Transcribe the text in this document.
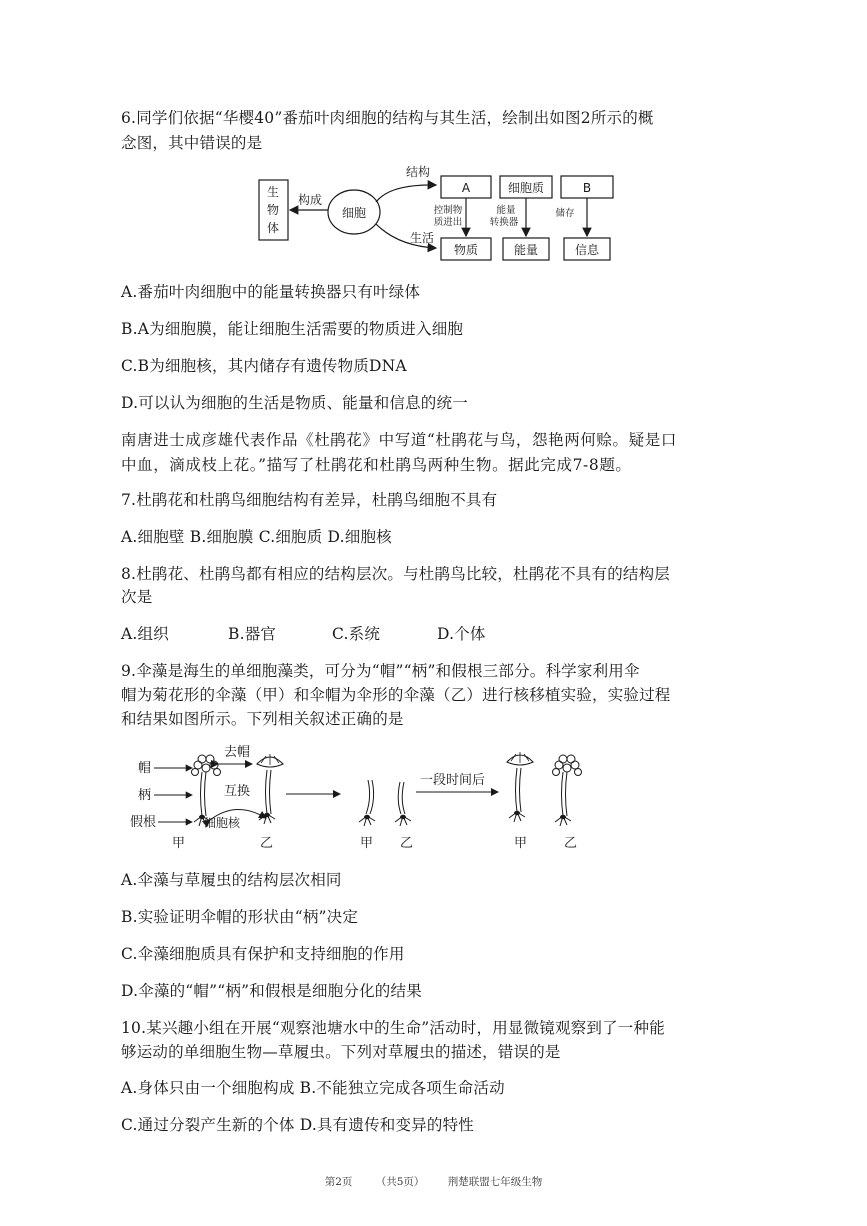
6.同学们依据“华樱40”番茄叶肉细胞的结构与其生活，绘制出如图2所示的概
念图，其中错误的是
生
物
体
构成
细胞
结构
生活
A	细胞质	B
控制物
质进出
能量
转换器
储存
物质	能量	信息
A.番茄叶肉细胞中的能量转换器只有叶绿体
B.A为细胞膜，能让细胞生活需要的物质进入细胞
C.B为细胞核，其内储存有遗传物质DNA
D.可以认为细胞的生活是物质、能量和信息的统一
南唐进士成彦雄代表作品《杜鹃花》中写道“杜鹃花与鸟，怨艳两何赊。疑是口
中血，滴成枝上花。”描写了杜鹃花和杜鹃鸟两种生物。据此完成7-8题。
7.杜鹃花和杜鹃鸟细胞结构有差异，杜鹃鸟细胞不具有
A.细胞壁 B.细胞膜 C.细胞质 D.细胞核
8.杜鹃花、杜鹃鸟都有相应的结构层次。与杜鹃鸟比较，杜鹃花不具有的结构层
次是
A.组织	B.器官	C.系统	D.个体
9.伞藻是海生的单细胞藻类，可分为“帽”“柄”和假根三部分。科学家利用伞
帽为菊花形的伞藻（甲）和伞帽为伞形的伞藻（乙）进行核移植实验，实验过程
和结果如图所示。下列相关叙述正确的是
帽
柄
假根
去帽
互换
细胞核
甲	乙	甲 乙
一段时间后
甲	乙
A.伞藻与草履虫的结构层次相同
B.实验证明伞帽的形状由“柄”决定
C.伞藻细胞质具有保护和支持细胞的作用
D.伞藻的“帽”“柄”和假根是细胞分化的结果
10.某兴趣小组在开展“观察池塘水中的生命”活动时，用显微镜观察到了一种能
够运动的单细胞生物—草履虫。下列对草履虫的描述，错误的是
A.身体只由一个细胞构成 B.不能独立完成各项生命活动
C.通过分裂产生新的个体 D.具有遗传和变异的特性
第2页 （共5页） 荆楚联盟七年级生物
